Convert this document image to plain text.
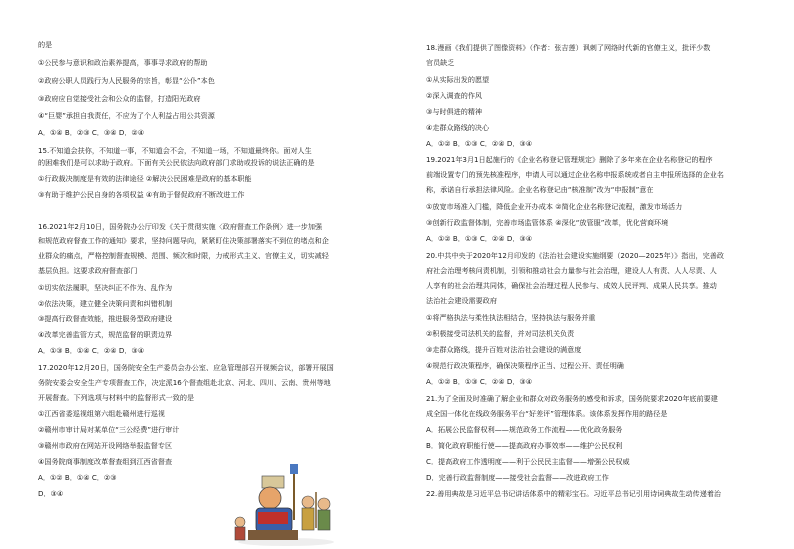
的是
①公民参与意识和政治素养提高，事事寻求政府的帮助
②政府公职人员践行为人民服务的宗旨，彰显“公仆”本色
③政府应自觉接受社会和公众的监督，打造阳光政府
④“巨婴”承担自我责任，不应为了个人利益占用公共资源
A．①④ B．②③ C．③④ D．②④
15.不知道会扶你，不知道一事，不知道会不会，不知道一场，不知道最终你。面对人生
的困难我们是可以求助于政府。下面有关公民依法向政府部门求助或投诉的说法正确的是
①行政裁决制度是有效的法律途径 ②解决公民困难是政府的基本职能
③有助于维护公民自身的各项权益 ④有助于督促政府不断改进工作
16.2021年2月10日，国务院办公厅印发《关于贯彻实施〈政府督查工作条例〉进一步加强
和规范政府督查工作的通知》要求，坚持问题导向，紧紧盯住决策部署落实不到位的堵点和企
业群众的痛点，严格控制督查规模、范围、频次和时限，力戒形式主义、官僚主义，切实减轻
基层负担。这要求政府督查部门
①切实依法履职，坚决纠正不作为、乱作为
②依法决策，建立健全决策问责和纠错机制
③提高行政督查效能，推进服务型政府建设
④改革完善监管方式，规范监督的职责边界
A．①③ B．①④ C．②④ D．③④
17.2020年12月20日，国务院安全生产委员会办公室、应急管理部召开视频会议，部署开展国
务院安委会安全生产专项督查工作，决定派16个督查组赴北京、河北、四川、云南、贵州等地
开展督查。下列选项与材料中的监督形式一致的是
①江西省委巡视组第六组赴赣州进行巡视
②赣州市审计局对某单位“三公经费”进行审计
③赣州市政府在网站开设网络举报监督专区
④国务院商事制度改革督查组到江西省督查
A．①② B．①④ C．②③
D．③④
18.漫画《我们提供了图像资料》（作者：张吉莲）讽刺了网络时代新的官僚主义，批评少数
官员缺乏
①从实际出发的愿望
②深入调查的作风
③与时俱进的精神
④走群众路线的决心
A．①② B．①③ C．②④ D．③④
19.2021年3月1日起施行的《企业名称登记管理规定》删除了多年来在企业名称登记的程序
前端设置专门的预先核准程序，申请人可以通过企业名称申报系统或者自主申报所选择的企业名
称，承诺自行承担法律风险。企业名称登记由“核准制”改为“申报制”意在
①放宽市场准入门槛，降低企业开办成本 ②简化企业名称登记流程，激发市场活力
③创新行政监督体制，完善市场监管体系 ④深化“放管服”改革，优化营商环境
A．①② B．①③ C．②④ D．③④
20.中共中央于2020年12月印发的《法治社会建设实施纲要（2020—2025年）》指出，完善政
府社会治理考核问责机制，引领和推动社会力量参与社会治理，建设人人有责、人人尽责、人
人享有的社会治理共同体，确保社会治理过程人民参与、成效人民评判、成果人民共享。推动
法治社会建设需要政府
①将严格执法与柔性执法相结合，坚持执法与服务并重
②积极接受司法机关的监督，并对司法机关负责
③走群众路线，提升百姓对法治社会建设的满意度
④规范行政决策程序，确保决策程序正当、过程公开、责任明确
A．①② B．①③ C．②④ D．③④
21.为了全面及时准确了解企业和群众对政务服务的感受和诉求，国务院要求2020年底前要建
成全国一体化在线政务服务平台“好差评”管理体系。该体系发挥作用的路径是
A．拓展公民监督权利——规范政务工作流程——优化政务服务
B．简化政府职能行使——提高政府办事效率——维护公民权利
C．提高政府工作透明度——利于公民民主监督——增强公民权威
D．完善行政监督制度——接受社会监督——改进政府工作
22.善用典故是习近平总书记讲话体系中的精彩宝石。习近平总书记引用诗词典故生动传递着治
